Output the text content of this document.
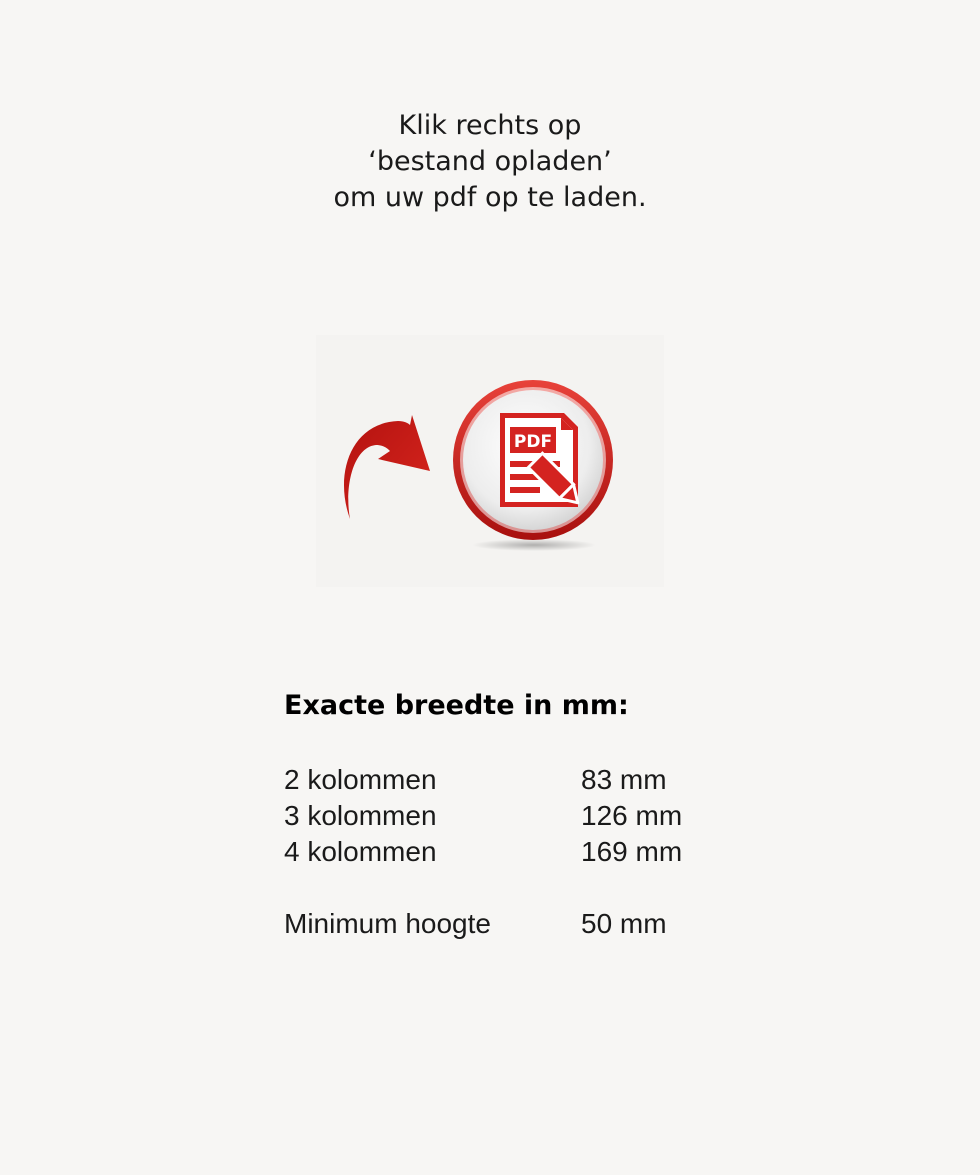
Klik rechts op
‘bestand opladen’
om uw pdf op te laden.
PDF
Exacte breedte in mm:
2 kolommen	83 mm
3 kolommen	126 mm
4 kolommen	169 mm
Minimum hoogte	50 mm
